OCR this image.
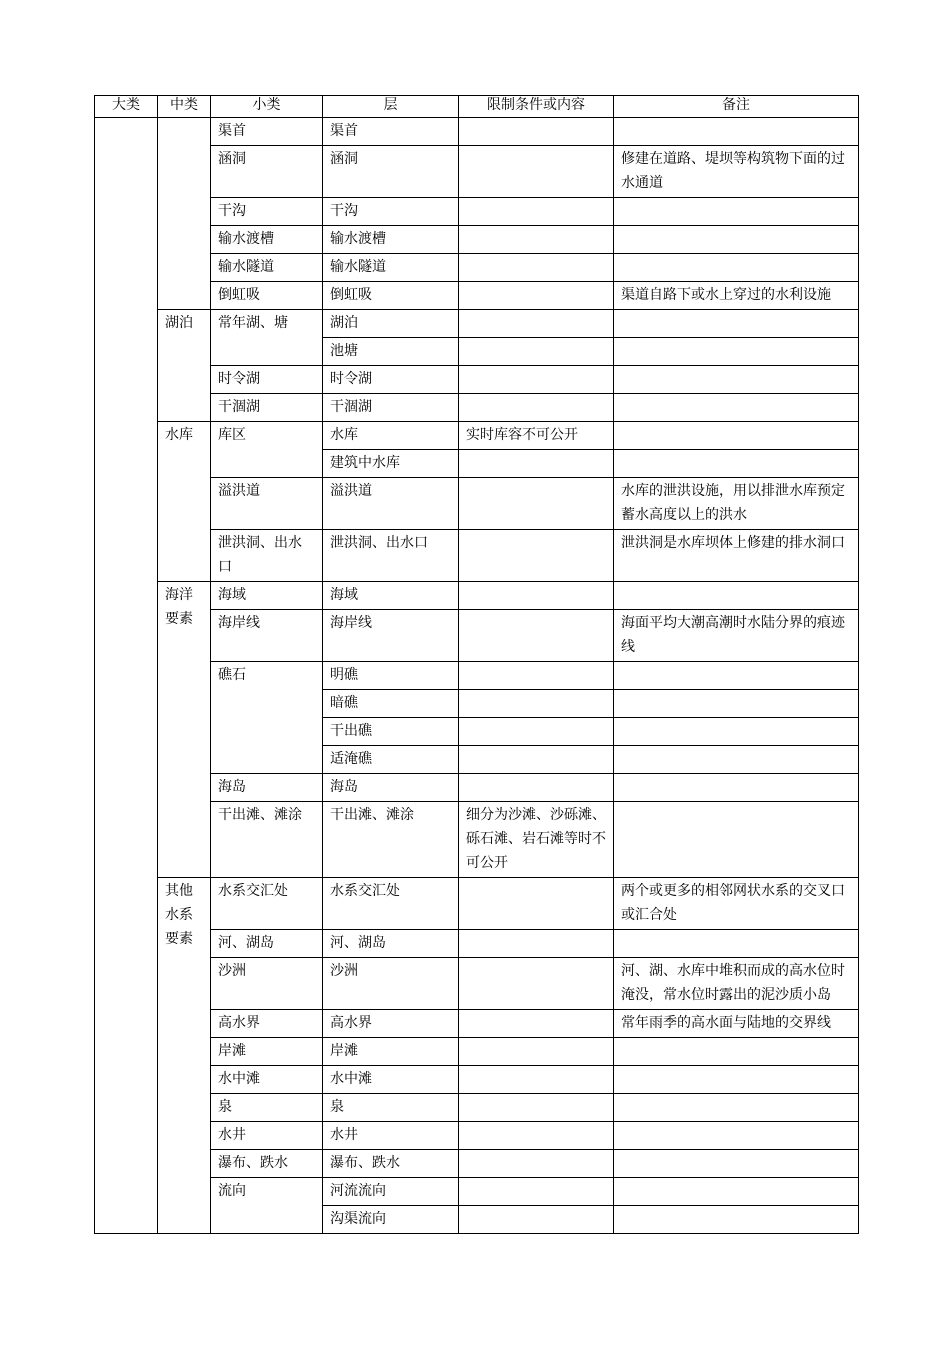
大类	中类	小类	层	限制条件或内容	备注
		渠首	渠首		
		涵洞	涵洞		修建在道路、堤坝等构筑物下面的过水通道
		干沟	干沟		
		输水渡槽	输水渡槽		
		输水隧道	输水隧道		
		倒虹吸	倒虹吸		渠道自路下或水上穿过的水利设施
	湖泊	常年湖、塘	湖泊		
			池塘		
		时令湖	时令湖		
		干涸湖	干涸湖		
	水库	库区	水库	实时库容不可公开	
			建筑中水库		
		溢洪道	溢洪道		水库的泄洪设施，用以排泄水库预定蓄水高度以上的洪水
		泄洪洞、出水口	泄洪洞、出水口		泄洪洞是水库坝体上修建的排水洞口
	海洋要素	海域	海域		
		海岸线	海岸线		海面平均大潮高潮时水陆分界的痕迹线
		礁石	明礁		
			暗礁		
			干出礁		
			适淹礁		
		海岛	海岛		
		干出滩、滩涂	干出滩、滩涂	细分为沙滩、沙砾滩、砾石滩、岩石滩等时不可公开	
	其他水系要素	水系交汇处	水系交汇处		两个或更多的相邻网状水系的交叉口或汇合处
		河、湖岛	河、湖岛		
		沙洲	沙洲		河、湖、水库中堆积而成的高水位时淹没，常水位时露出的泥沙质小岛
		高水界	高水界		常年雨季的高水面与陆地的交界线
		岸滩	岸滩		
		水中滩	水中滩		
		泉	泉		
		水井	水井		
		瀑布、跌水	瀑布、跌水		
		流向	河流流向		
			沟渠流向		
